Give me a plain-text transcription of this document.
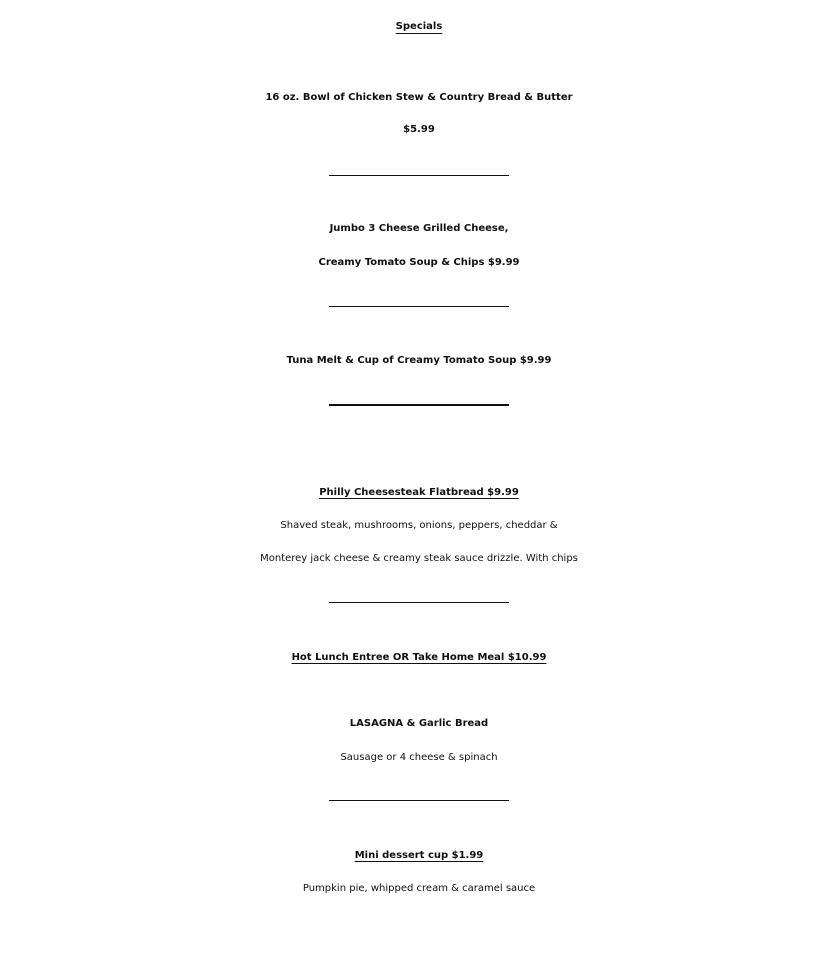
Specials
16 oz. Bowl of Chicken Stew & Country Bread & Butter
$5.99
Jumbo 3 Cheese Grilled Cheese,
Creamy Tomato Soup & Chips $9.99
Tuna Melt & Cup of Creamy Tomato Soup $9.99
Philly Cheesesteak Flatbread $9.99
Shaved steak, mushrooms, onions, peppers, cheddar &
Monterey jack cheese & creamy steak sauce drizzle. With chips
Hot Lunch Entree OR Take Home Meal $10.99
LASAGNA & Garlic Bread
Sausage or 4 cheese & spinach
Mini dessert cup $1.99
Pumpkin pie, whipped cream & caramel sauce
